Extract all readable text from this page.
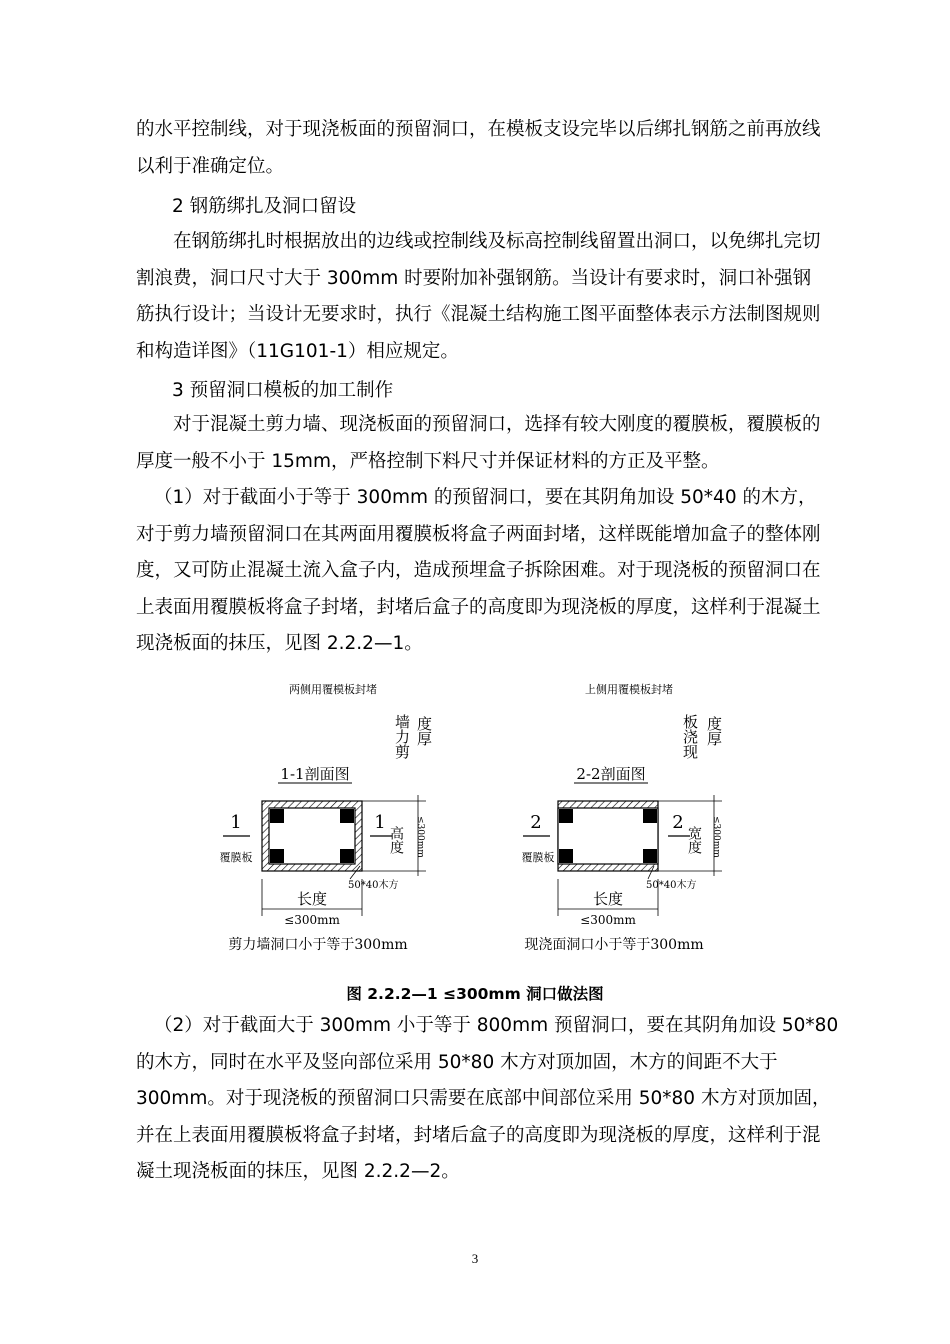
的水平控制线，对于现浇板面的预留洞口，在模板支设完毕以后绑扎钢筋之前再放线
以利于准确定位。
2 钢筋绑扎及洞口留设
在钢筋绑扎时根据放出的边线或控制线及标高控制线留置出洞口，以免绑扎完切
割浪费，洞口尺寸大于 300mm 时要附加补强钢筋。当设计有要求时，洞口补强钢
筋执行设计；当设计无要求时，执行《混凝土结构施工图平面整体表示方法制图规则
和构造详图》（11G101-1）相应规定。
3 预留洞口模板的加工制作
对于混凝土剪力墙、现浇板面的预留洞口，选择有较大刚度的覆膜板，覆膜板的
厚度一般不小于 15mm，严格控制下料尺寸并保证材料的方正及平整。
（1）对于截面小于等于 300mm 的预留洞口，要在其阴角加设 50*40 的木方，
对于剪力墙预留洞口在其两面用覆膜板将盒子两面封堵，这样既能增加盒子的整体刚
度，又可防止混凝土流入盒子内，造成预埋盒子拆除困难。对于现浇板的预留洞口在
上表面用覆膜板将盒子封堵，封堵后盒子的高度即为现浇板的厚度，这样利于混凝土
现浇板面的抹压，见图 2.2.2—1。
两侧用覆模板封堵
墙力剪 度厚
1-1剖面图
1
覆膜板
1
高度 ≤300mm
50*40木方
长度
≤300mm
剪力墙洞口小于等于300mm
上侧用覆模板封堵
板浇现 度厚
2-2剖面图
2
覆膜板
2
宽度 ≤300mm
50*40木方
长度
≤300mm
现浇面洞口小于等于300mm
图 2.2.2—1 ≤300mm 洞口做法图
（2）对于截面大于 300mm 小于等于 800mm 预留洞口，要在其阴角加设 50*80
的木方，同时在水平及竖向部位采用 50*80 木方对顶加固，木方的间距不大于
300mm。对于现浇板的预留洞口只需要在底部中间部位采用 50*80 木方对顶加固，
并在上表面用覆膜板将盒子封堵，封堵后盒子的高度即为现浇板的厚度，这样利于混
凝土现浇板面的抹压，见图 2.2.2—2。
3
